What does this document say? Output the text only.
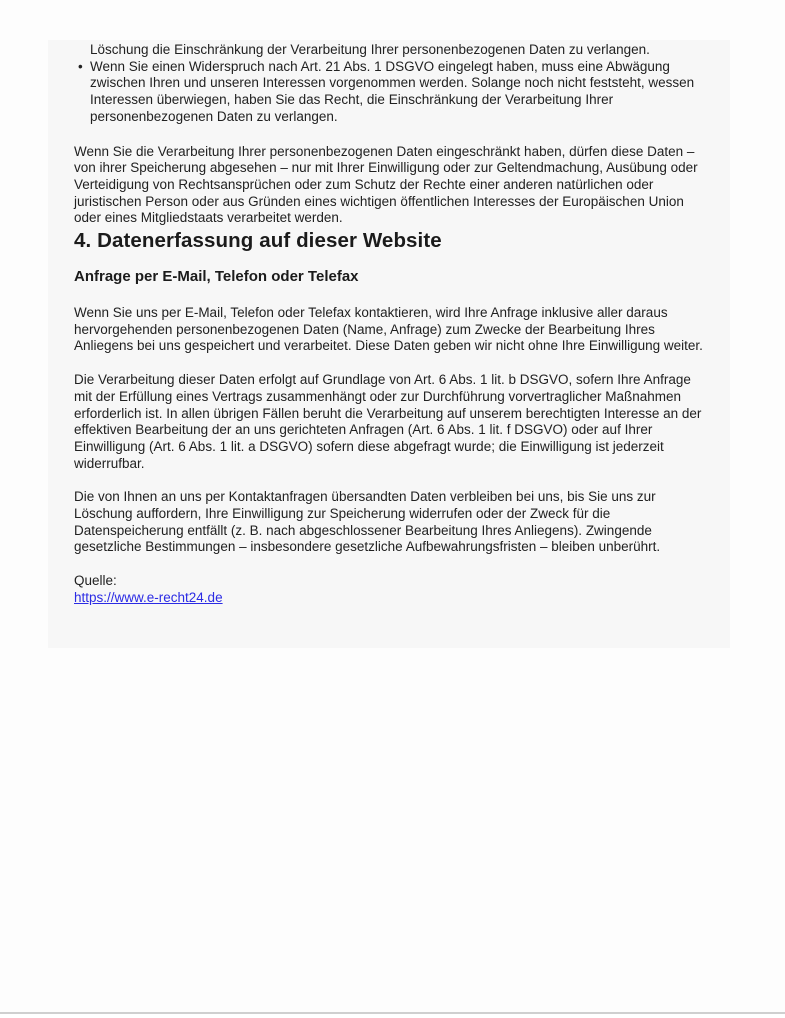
Löschung die Einschränkung der Verarbeitung Ihrer personenbezogenen Daten zu verlangen.
• Wenn Sie einen Widerspruch nach Art. 21 Abs. 1 DSGVO eingelegt haben, muss eine Abwägung zwischen Ihren und unseren Interessen vorgenommen werden. Solange noch nicht feststeht, wessen Interessen überwiegen, haben Sie das Recht, die Einschränkung der Verarbeitung Ihrer personenbezogenen Daten zu verlangen.

Wenn Sie die Verarbeitung Ihrer personenbezogenen Daten eingeschränkt haben, dürfen diese Daten – von ihrer Speicherung abgesehen – nur mit Ihrer Einwilligung oder zur Geltendmachung, Ausübung oder Verteidigung von Rechtsansprüchen oder zum Schutz der Rechte einer anderen natürlichen oder juristischen Person oder aus Gründen eines wichtigen öffentlichen Interesses der Europäischen Union oder eines Mitgliedstaats verarbeitet werden.

4. Datenerfassung auf dieser Website
Anfrage per E-Mail, Telefon oder Telefax

Wenn Sie uns per E-Mail, Telefon oder Telefax kontaktieren, wird Ihre Anfrage inklusive aller daraus hervorgehenden personenbezogenen Daten (Name, Anfrage) zum Zwecke der Bearbeitung Ihres Anliegens bei uns gespeichert und verarbeitet. Diese Daten geben wir nicht ohne Ihre Einwilligung weiter.

Die Verarbeitung dieser Daten erfolgt auf Grundlage von Art. 6 Abs. 1 lit. b DSGVO, sofern Ihre Anfrage mit der Erfüllung eines Vertrags zusammenhängt oder zur Durchführung vorvertraglicher Maßnahmen erforderlich ist. In allen übrigen Fällen beruht die Verarbeitung auf unserem berechtigten Interesse an der effektiven Bearbeitung der an uns gerichteten Anfragen (Art. 6 Abs. 1 lit. f DSGVO) oder auf Ihrer Einwilligung (Art. 6 Abs. 1 lit. a DSGVO) sofern diese abgefragt wurde; die Einwilligung ist jederzeit widerrufbar.

Die von Ihnen an uns per Kontaktanfragen übersandten Daten verbleiben bei uns, bis Sie uns zur Löschung auffordern, Ihre Einwilligung zur Speicherung widerrufen oder der Zweck für die Datenspeicherung entfällt (z. B. nach abgeschlossener Bearbeitung Ihres Anliegens). Zwingende gesetzliche Bestimmungen – insbesondere gesetzliche Aufbewahrungsfristen – bleiben unberührt.

Quelle:
https://www.e-recht24.de
